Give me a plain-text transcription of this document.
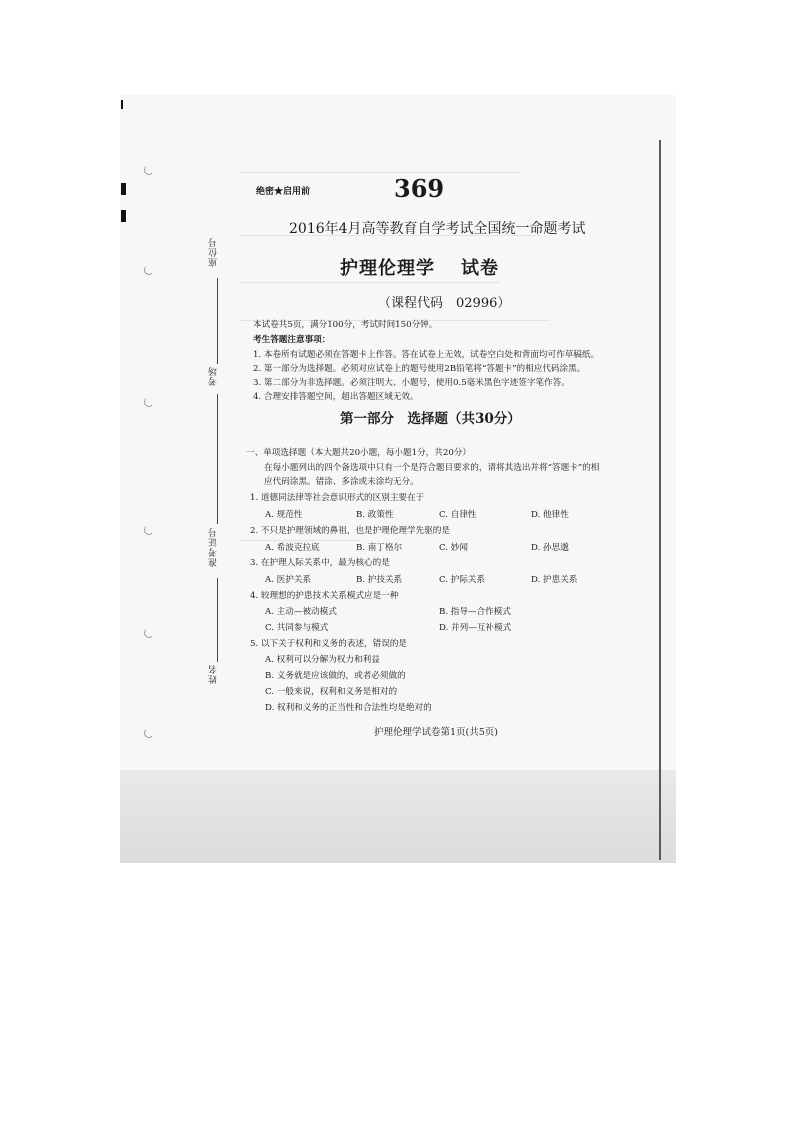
座位号
考场
准考证号
姓名
绝密★启用前	369
2016年4月高等教育自学考试全国统一命题考试
护理伦理学 试卷
（课程代码　02996）
本试卷共5页，满分100分，考试时间150分钟。
考生答题注意事项：
1. 本卷所有试题必须在答题卡上作答。答在试卷上无效，试卷空白处和背面均可作草稿纸。
2. 第一部分为选择题。必须对应试卷上的题号使用2B铅笔将“答题卡”的相应代码涂黑。
3. 第二部分为非选择题。必须注明大、小题号，使用0.5毫米黑色字迹签字笔作答。
4. 合理安排答题空间，超出答题区域无效。
第一部分　选择题（共30分）
一、单项选择题（本大题共20小题，每小题1分，共20分）
在每小题列出的四个备选项中只有一个是符合题目要求的，请将其选出并将“答题卡”的相
应代码涂黑。错涂、多涂或未涂均无分。
1. 道德同法律等社会意识形式的区别主要在于
A. 规范性	B. 政策性	C. 自律性	D. 他律性
2. 不只是护理领域的鼻祖，也是护理伦理学先驱的是
A. 希波克拉底	B. 南丁格尔	C. 妙闻	D. 孙思邈
3. 在护理人际关系中，最为核心的是
A. 医护关系	B. 护技关系	C. 护际关系	D. 护患关系
4. 较理想的护患技术关系模式应是一种
A. 主动—被动模式	B. 指导—合作模式
C. 共同参与模式	D. 并列—互补模式
5. 以下关于权利和义务的表述，错误的是
A. 权利可以分解为权力和利益
B. 义务就是应该做的，或者必须做的
C. 一般来说，权利和义务是相对的
D. 权利和义务的正当性和合法性均是绝对的
护理伦理学试卷第1页(共5页)
